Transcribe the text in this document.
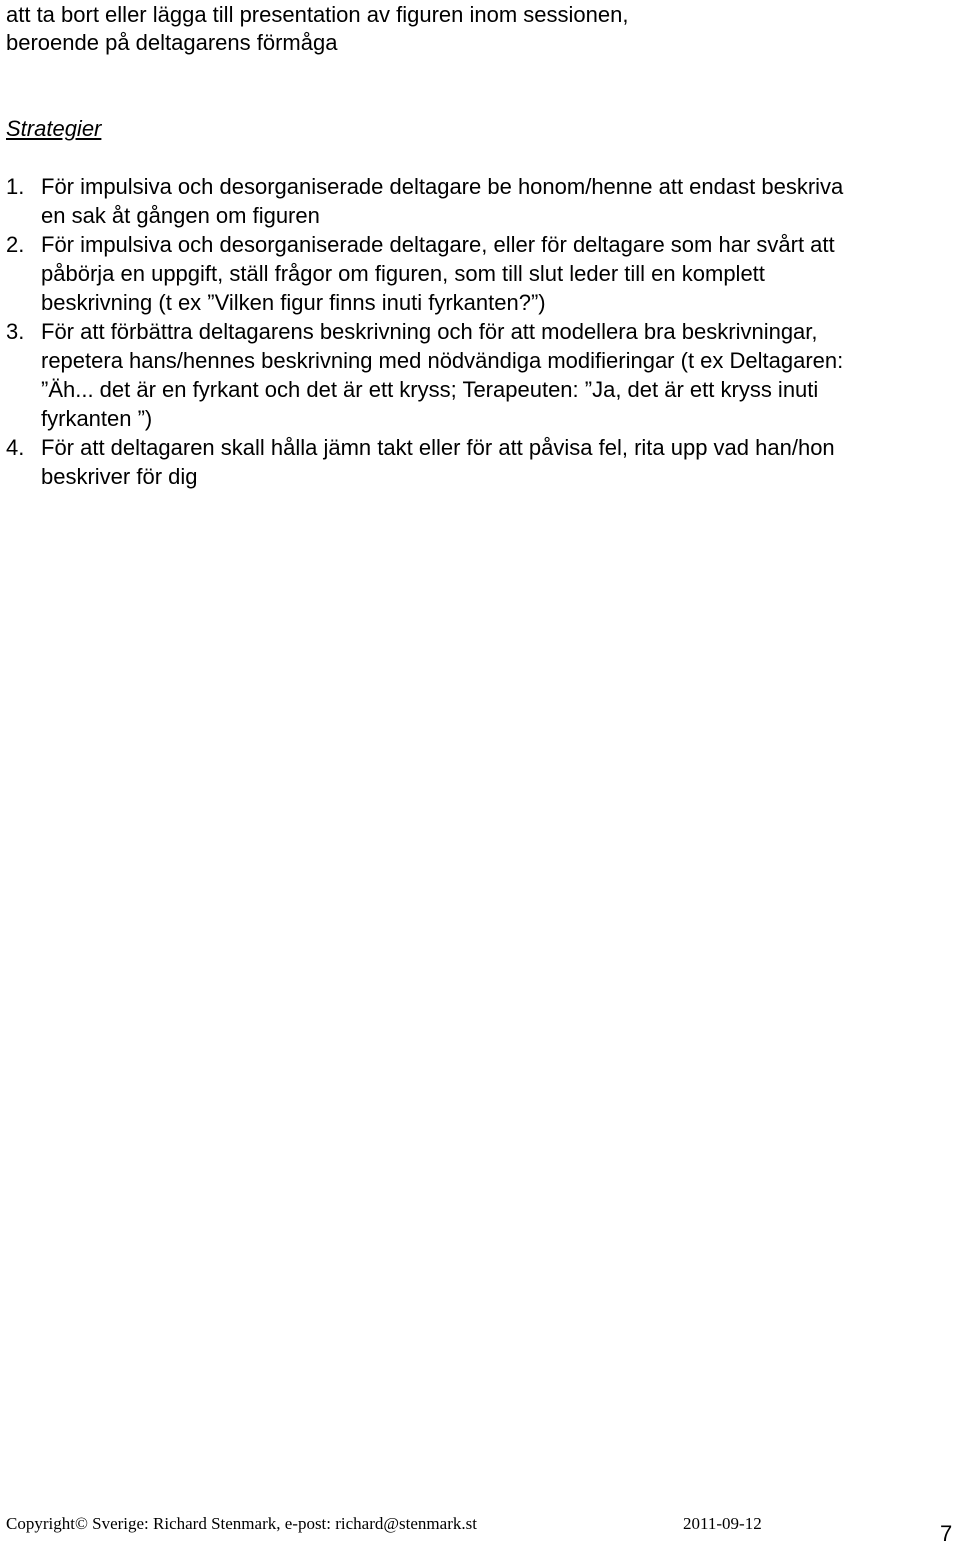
att ta bort eller lägga till presentation av figuren inom sessionen,
beroende på deltagarens förmåga
Strategier
1. För impulsiva och desorganiserade deltagare be honom/henne att endast beskriva en sak åt gången om figuren
2. För impulsiva och desorganiserade deltagare, eller för deltagare som har svårt att påbörja en uppgift, ställ frågor om figuren, som till slut leder till en komplett beskrivning (t ex ”Vilken figur finns inuti fyrkanten?”)
3. För att förbättra deltagarens beskrivning och för att modellera bra beskrivningar, repetera hans/hennes beskrivning med nödvändiga modifieringar (t ex Deltagaren: ”Äh... det är en fyrkant och det är ett kryss; Terapeuten: ”Ja, det är ett kryss inuti fyrkanten ”)
4. För att deltagaren skall hålla jämn takt eller för att påvisa fel, rita upp vad han/hon beskriver för dig
Copyright© Sverige: Richard Stenmark, e-post: richard@stenmark.st	2011-09-12	7
